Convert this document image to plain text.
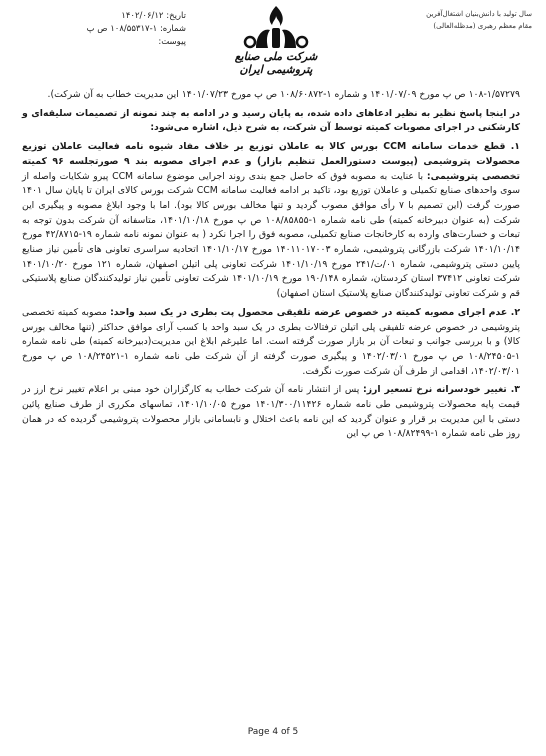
سال تولید با دانش‌بنیان اشتغال‌آفرین
مقام معظم رهبری (مدظله‌العالی)
شرکت ملی صنایع پتروشیمی ایران
تاریخ: ۱۴۰۲/۰۶/۱۲
شماره: ۱-۱۰۸/۵۵۳۱۷ ص پ
پیوست:

۱۰۸-۱/۵۷۲۷۹ ص پ مورخ ۱۴۰۱/۰۷/۰۹ و شماره ۱-۱۰۸/۶۰۸۷۲ ص پ مورخ ۱۴۰۱/۰۷/۲۳ این مدیریت خطاب به آن شرکت).

در اینجا پاسخ نظیر به نظیر ادعاهای داده شده، به پایان رسید و در ادامه به چند نمونه از تصمیمات سلیقه‌ای و کارشکنی در اجرای مصوبات کمیته توسط آن شرکت، به شرح ذیل، اشاره می‌شود:

۱. قطع خدمات سامانه CCM بورس کالا به عاملان توزیع بر خلاف مفاد شیوه نامه فعالیت عاملان توزیع محصولات پتروشیمی (پیوست دستورالعمل تنظیم بازار) و عدم اجرای مصوبه بند ۹ صورتجلسه ۹۶ کمیته تخصصی پتروشیمی: با عنایت به مصوبه فوق که حاصل جمع بندی روند اجرایی موضوع سامانه CCM پیرو شکایات واصله از سوی واحدهای صنایع تکمیلی و عاملان توزیع بود، تاکید بر ادامه فعالیت سامانه CCM شرکت بورس کالای ایران تا پایان سال ۱۴۰۱ صورت گرفت (این تصمیم با ۷ رأی موافق مصوب گردید و تنها مخالف بورس کالا بود). اما با وجود ابلاغ مصوبه و پیگیری این شرکت (به عنوان دبیرخانه کمیته) طی نامه شماره ۱-۱۰۸/۸۵۸۵۵ ص پ مورخ ۱۴۰۱/۱۰/۱۸، متاسفانه آن شرکت بدون توجه به تبعات و خسارت‌های وارده به کارخانجات صنایع تکمیلی، مصوبه فوق را اجرا نکرد ( به عنوان نمونه نامه شماره ۱۹-۴۲/۸۷۱۵ مورخ ۱۴۰۱/۱۰/۱۴ شرکت بازرگانی پتروشیمی، شماره ۱۴۰۱۱۰۱۷۰۰۳ مورخ ۱۴۰۱/۱۰/۱۷ اتحادیه سراسری تعاونی های تأمین نیاز صنایع پایین دستی پتروشیمی، شماره ۰۱/ت/۲۴۱ مورخ ۱۴۰۱/۱۰/۱۹ شرکت تعاونی پلی اتیلن اصفهان، شماره ۱۲۱ مورخ ۱۴۰۱/۱۰/۲۰ شرکت تعاونی ۳۷۴۱۲ استان کردستان، شماره ۱۹۰/۱۴۸ مورخ ۱۴۰۱/۱۰/۱۹ شرکت تعاونی تأمین نیاز تولیدکنندگان صنایع پلاستیکی قم و شرکت تعاونی تولیدکنندگان صنایع پلاستیک استان اصفهان)

۲. عدم اجرای مصوبه کمیته در خصوص عرضه تلفیقی محصول پت بطری در یک سبد واحد: مصوبه کمیته تخصصی پتروشیمی در خصوص عرضه تلفیقی پلی اتیلن ترفتالات بطری در یک سبد واحد با کسب آرای موافق حداکثر (تنها مخالف بورس کالا) و با بررسی جوانب و تبعات آن بر بازار صورت گرفته است. اما علیرغم ابلاغ این مدیریت(دبیرخانه کمیته) طی نامه شماره ۱-۱۰۸/۲۴۵۰۵ ص پ مورخ ۱۴۰۲/۰۳/۰۱ و پیگیری صورت گرفته از آن شرکت طی نامه شماره ۱-۱۰۸/۲۴۵۲۱ ص پ مورخ ۱۴۰۲/۰۳/۰۱، اقدامی از طرف آن شرکت صورت نگرفت.

۳. تغییر خودسرانه نرخ تسعیر ارز: پس از انتشار نامه آن شرکت خطاب به کارگزاران خود مبنی بر اعلام تغییر نرخ ارز در قیمت پایه محصولات پتروشیمی طی نامه شماره ۱۴۰۱/۳۰۰/۱۱۴۲۶ مورخ ۱۴۰۱/۱۰/۰۵، تماسهای مکرری از طرف صنایع پائین دستی با این مدیریت بر قرار و عنوان گردید که این نامه باعث اختلال و نابسامانی بازار محصولات پتروشیمی گردیده که در همان روز طی نامه شماره ۱-۱۰۸/۸۲۴۹۹ ص پ این

Page 4 of 5
